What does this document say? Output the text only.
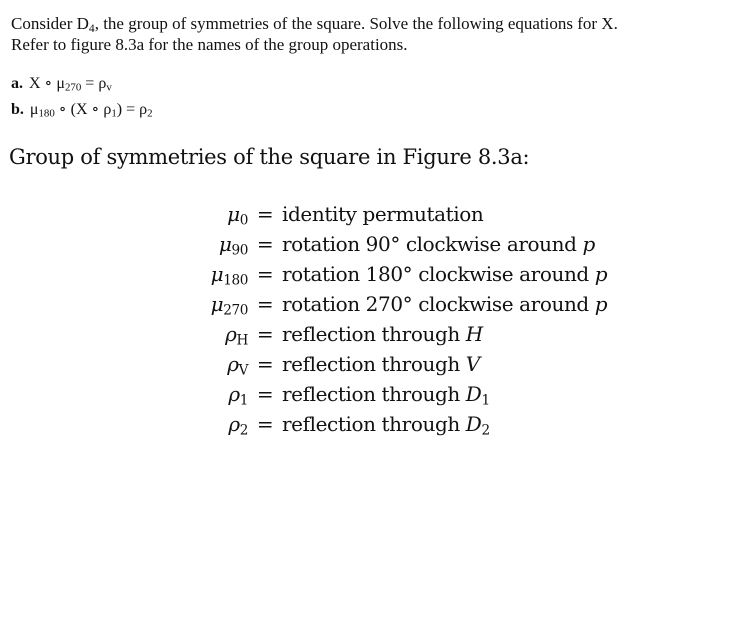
Consider $D_4$, the group of symmetries of the square. Solve the following equations for X.

Refer to figure 8.3a for the names of the group operations.

a. X ∘ $\mu_{270} = \rho_v$
b. $\mu_{180}$ ∘ (X ∘ $\rho_1) = \rho_2$
Group of symmetries of the square in Figure 8.3a:
$\mu_0$	=	identity permutation
$\mu_{90}$	=	rotation 90° clockwise around p
$\mu_{180}$	=	rotation 180° clockwise around p
$\mu_{270}$	=	rotation 270° clockwise around p
$\rho_H$	=	reflection through H
$\rho_V$	=	reflection through V
$\rho_1$	=	reflection through $D_1$
$\rho_2$	=	reflection through $D_2$
